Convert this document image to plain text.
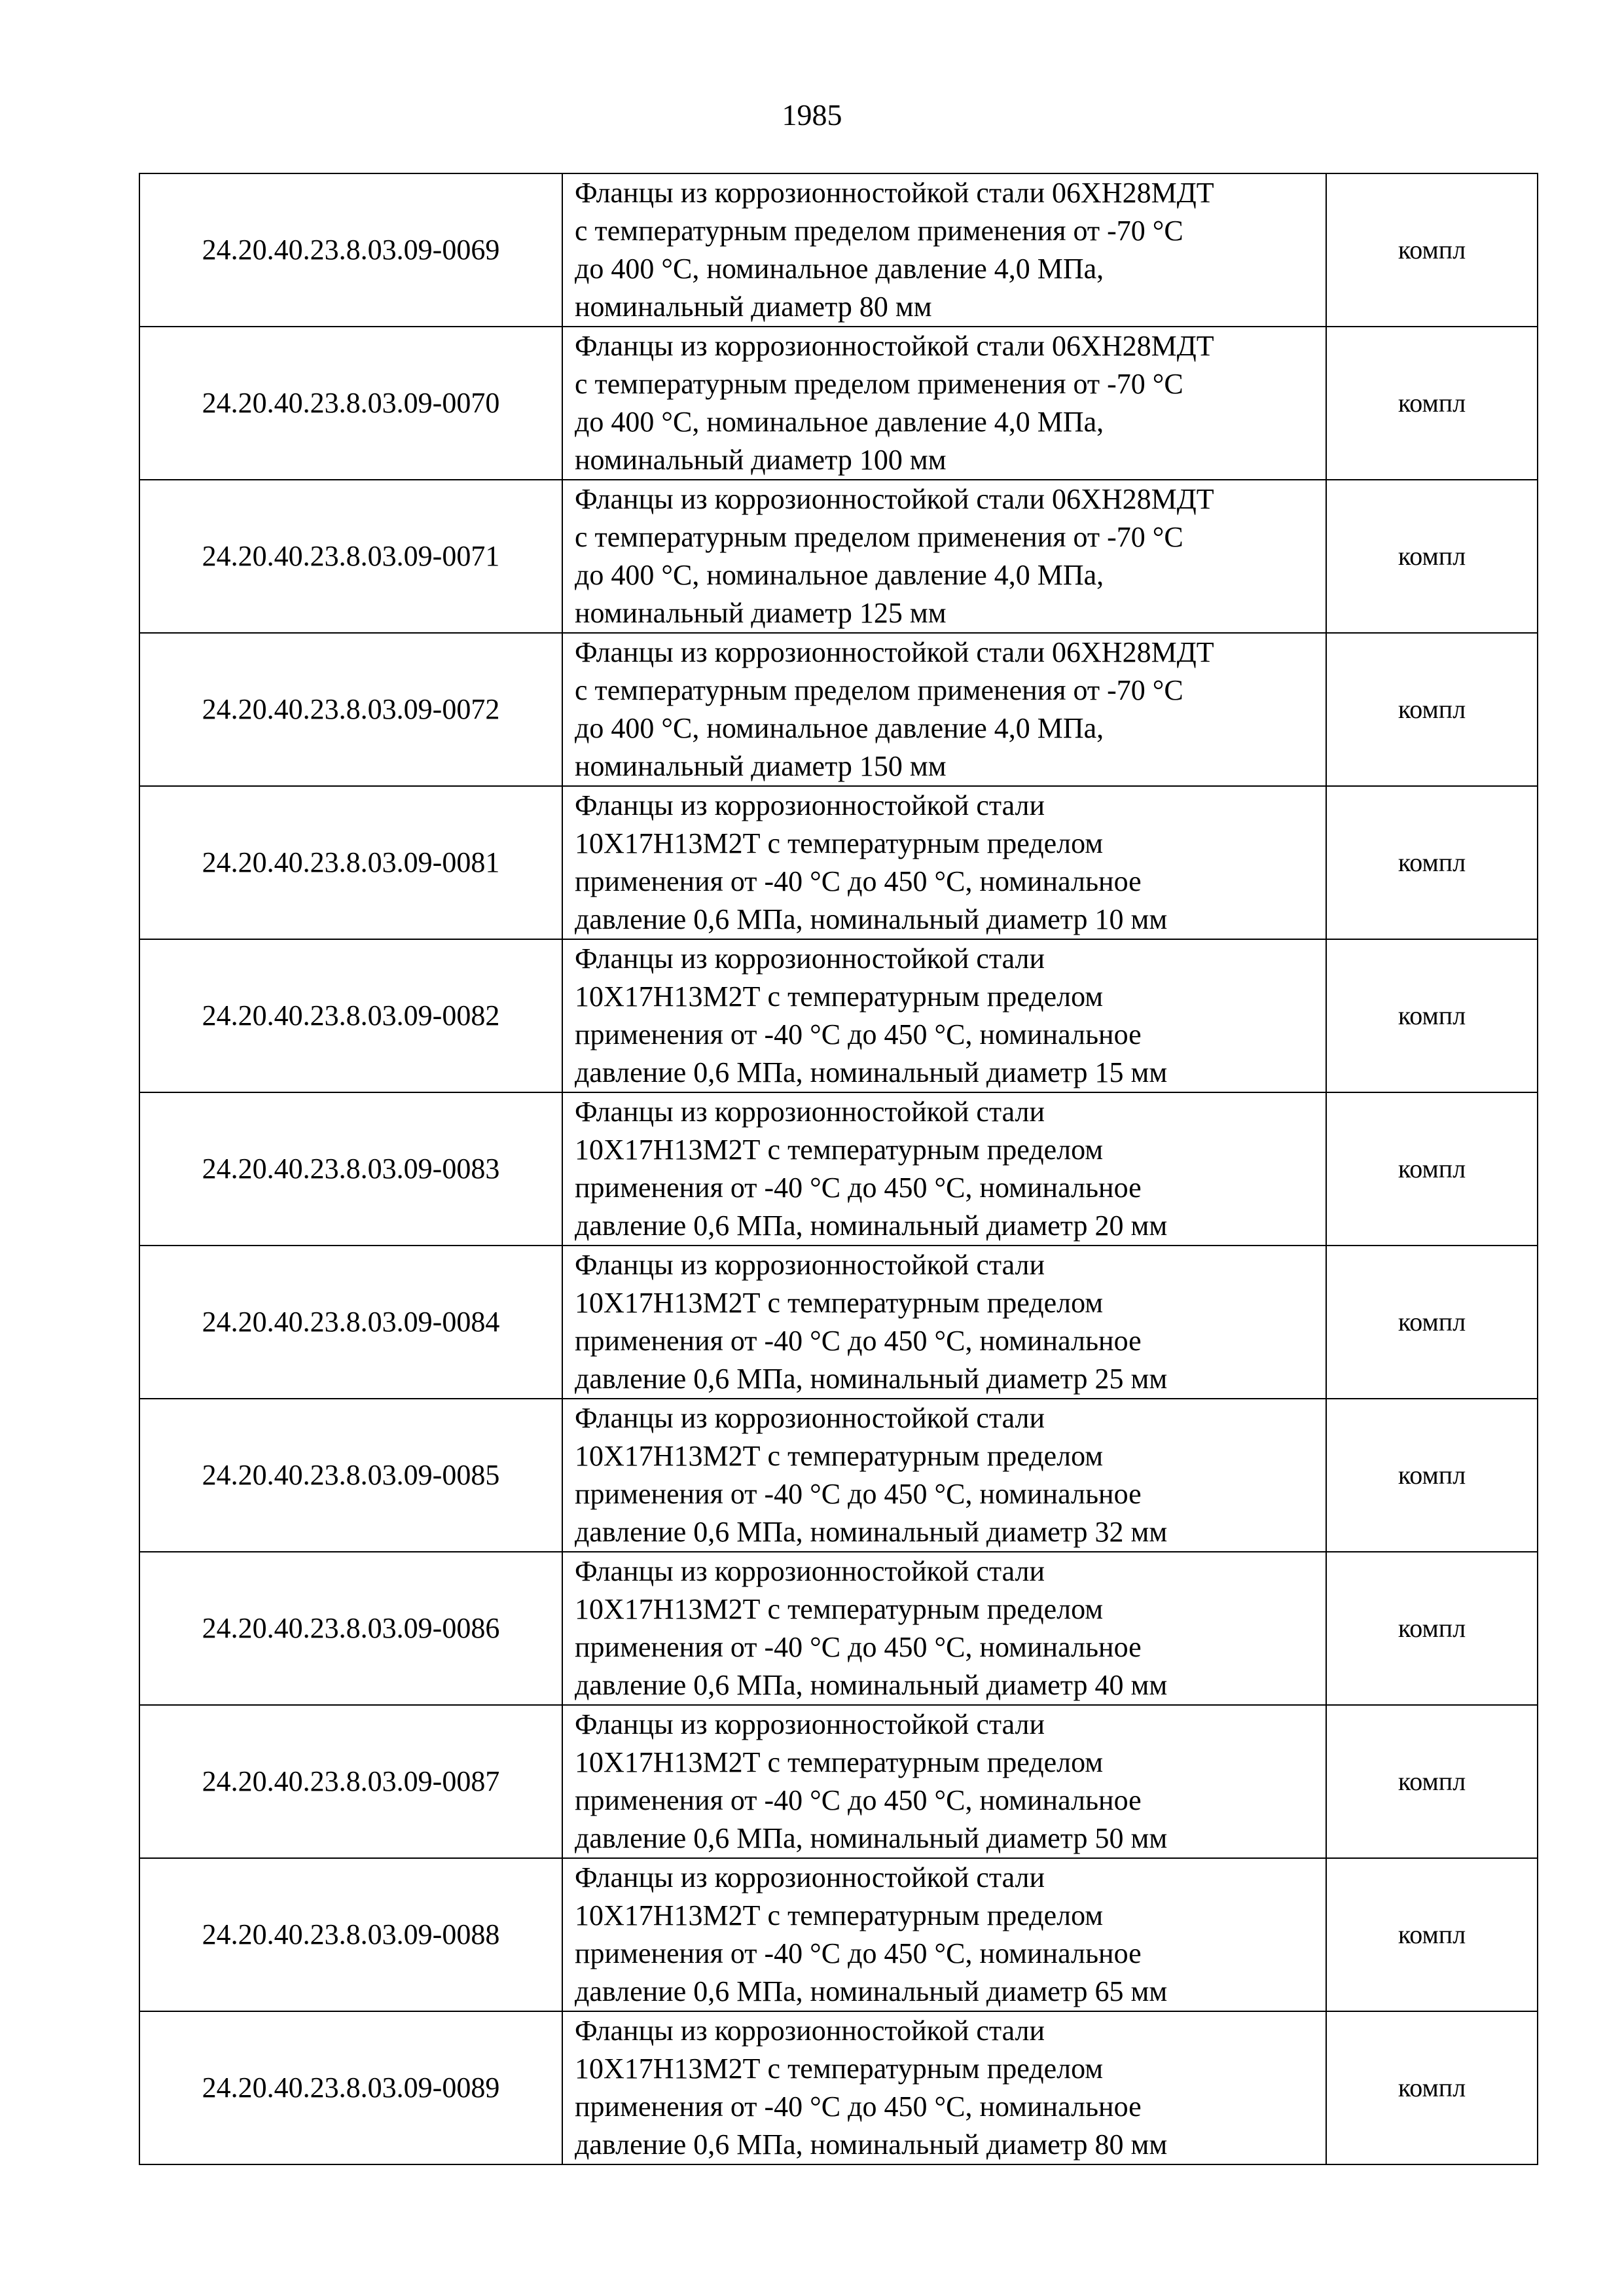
1985
24.20.40.23.8.03.09-0069	Фланцы из коррозионностойкой стали 06ХН28МДТ
с температурным пределом применения от -70 °С
до 400 °С, номинальное давление 4,0 МПа,
номинальный диаметр 80 мм	компл
24.20.40.23.8.03.09-0070	Фланцы из коррозионностойкой стали 06ХН28МДТ
с температурным пределом применения от -70 °С
до 400 °С, номинальное давление 4,0 МПа,
номинальный диаметр 100 мм	компл
24.20.40.23.8.03.09-0071	Фланцы из коррозионностойкой стали 06ХН28МДТ
с температурным пределом применения от -70 °С
до 400 °С, номинальное давление 4,0 МПа,
номинальный диаметр 125 мм	компл
24.20.40.23.8.03.09-0072	Фланцы из коррозионностойкой стали 06ХН28МДТ
с температурным пределом применения от -70 °С
до 400 °С, номинальное давление 4,0 МПа,
номинальный диаметр 150 мм	компл
24.20.40.23.8.03.09-0081	Фланцы из коррозионностойкой стали
10Х17Н13М2Т с температурным пределом
применения от -40 °С до 450 °С, номинальное
давление 0,6 МПа, номинальный диаметр 10 мм	компл
24.20.40.23.8.03.09-0082	Фланцы из коррозионностойкой стали
10Х17Н13М2Т с температурным пределом
применения от -40 °С до 450 °С, номинальное
давление 0,6 МПа, номинальный диаметр 15 мм	компл
24.20.40.23.8.03.09-0083	Фланцы из коррозионностойкой стали
10Х17Н13М2Т с температурным пределом
применения от -40 °С до 450 °С, номинальное
давление 0,6 МПа, номинальный диаметр 20 мм	компл
24.20.40.23.8.03.09-0084	Фланцы из коррозионностойкой стали
10Х17Н13М2Т с температурным пределом
применения от -40 °С до 450 °С, номинальное
давление 0,6 МПа, номинальный диаметр 25 мм	компл
24.20.40.23.8.03.09-0085	Фланцы из коррозионностойкой стали
10Х17Н13М2Т с температурным пределом
применения от -40 °С до 450 °С, номинальное
давление 0,6 МПа, номинальный диаметр 32 мм	компл
24.20.40.23.8.03.09-0086	Фланцы из коррозионностойкой стали
10Х17Н13М2Т с температурным пределом
применения от -40 °С до 450 °С, номинальное
давление 0,6 МПа, номинальный диаметр 40 мм	компл
24.20.40.23.8.03.09-0087	Фланцы из коррозионностойкой стали
10Х17Н13М2Т с температурным пределом
применения от -40 °С до 450 °С, номинальное
давление 0,6 МПа, номинальный диаметр 50 мм	компл
24.20.40.23.8.03.09-0088	Фланцы из коррозионностойкой стали
10Х17Н13М2Т с температурным пределом
применения от -40 °С до 450 °С, номинальное
давление 0,6 МПа, номинальный диаметр 65 мм	компл
24.20.40.23.8.03.09-0089	Фланцы из коррозионностойкой стали
10Х17Н13М2Т с температурным пределом
применения от -40 °С до 450 °С, номинальное
давление 0,6 МПа, номинальный диаметр 80 мм	компл
